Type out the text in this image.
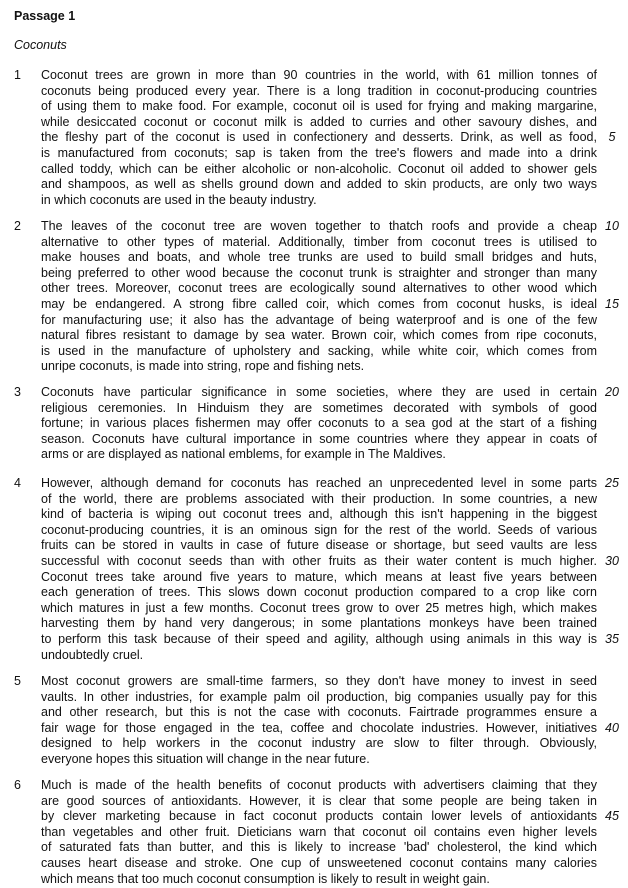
Passage 1
Coconuts
1	Coconut trees are grown in more than 90 countries in the world, with 61 million tonnes of
coconuts being produced every year. There is a long tradition in coconut-producing countries
of using them to make food. For example, coconut oil is used for frying and making margarine,
while desiccated coconut or coconut milk is added to curries and other savoury dishes, and
the fleshy part of the coconut is used in confectionery and desserts. Drink, as well as food, 5
is manufactured from coconuts; sap is taken from the tree's flowers and made into a drink
called toddy, which can be either alcoholic or non-alcoholic. Coconut oil added to shower gels
and shampoos, as well as shells ground down and added to skin products, are only two ways
in which coconuts are used in the beauty industry.
2	The leaves of the coconut tree are woven together to thatch roofs and provide a cheap 10
alternative to other types of material. Additionally, timber from coconut trees is utilised to
make houses and boats, and whole tree trunks are used to build small bridges and huts,
being preferred to other wood because the coconut trunk is straighter and stronger than many
other trees. Moreover, coconut trees are ecologically sound alternatives to other wood which
may be endangered. A strong fibre called coir, which comes from coconut husks, is ideal 15
for manufacturing use; it also has the advantage of being waterproof and is one of the few
natural fibres resistant to damage by sea water. Brown coir, which comes from ripe coconuts,
is used in the manufacture of upholstery and sacking, while white coir, which comes from
unripe coconuts, is made into string, rope and fishing nets.
3	Coconuts have particular significance in some societies, where they are used in certain 20
religious ceremonies. In Hinduism they are sometimes decorated with symbols of good
fortune; in various places fishermen may offer coconuts to a sea god at the start of a fishing
season. Coconuts have cultural importance in some countries where they appear in coats of
arms or are displayed as national emblems, for example in The Maldives.
4	However, although demand for coconuts has reached an unprecedented level in some parts 25
of the world, there are problems associated with their production. In some countries, a new
kind of bacteria is wiping out coconut trees and, although this isn't happening in the biggest
coconut-producing countries, it is an ominous sign for the rest of the world. Seeds of various
fruits can be stored in vaults in case of future disease or shortage, but seed vaults are less
successful with coconut seeds than with other fruits as their water content is much higher. 30
Coconut trees take around five years to mature, which means at least five years between
each generation of trees. This slows down coconut production compared to a crop like corn
which matures in just a few months. Coconut trees grow to over 25 metres high, which makes
harvesting them by hand very dangerous; in some plantations monkeys have been trained
to perform this task because of their speed and agility, although using animals in this way is 35
undoubtedly cruel.
5	Most coconut growers are small-time farmers, so they don't have money to invest in seed
vaults. In other industries, for example palm oil production, big companies usually pay for this
and other research, but this is not the case with coconuts. Fairtrade programmes ensure a
fair wage for those engaged in the tea, coffee and chocolate industries. However, initiatives 40
designed to help workers in the coconut industry are slow to filter through. Obviously,
everyone hopes this situation will change in the near future.
6	Much is made of the health benefits of coconut products with advertisers claiming that they
are good sources of antioxidants. However, it is clear that some people are being taken in
by clever marketing because in fact coconut products contain lower levels of antioxidants 45
than vegetables and other fruit. Dieticians warn that coconut oil contains even higher levels
of saturated fats than butter, and this is likely to increase 'bad' cholesterol, the kind which
causes heart disease and stroke. One cup of unsweetened coconut contains many calories
which means that too much coconut consumption is likely to result in weight gain.
